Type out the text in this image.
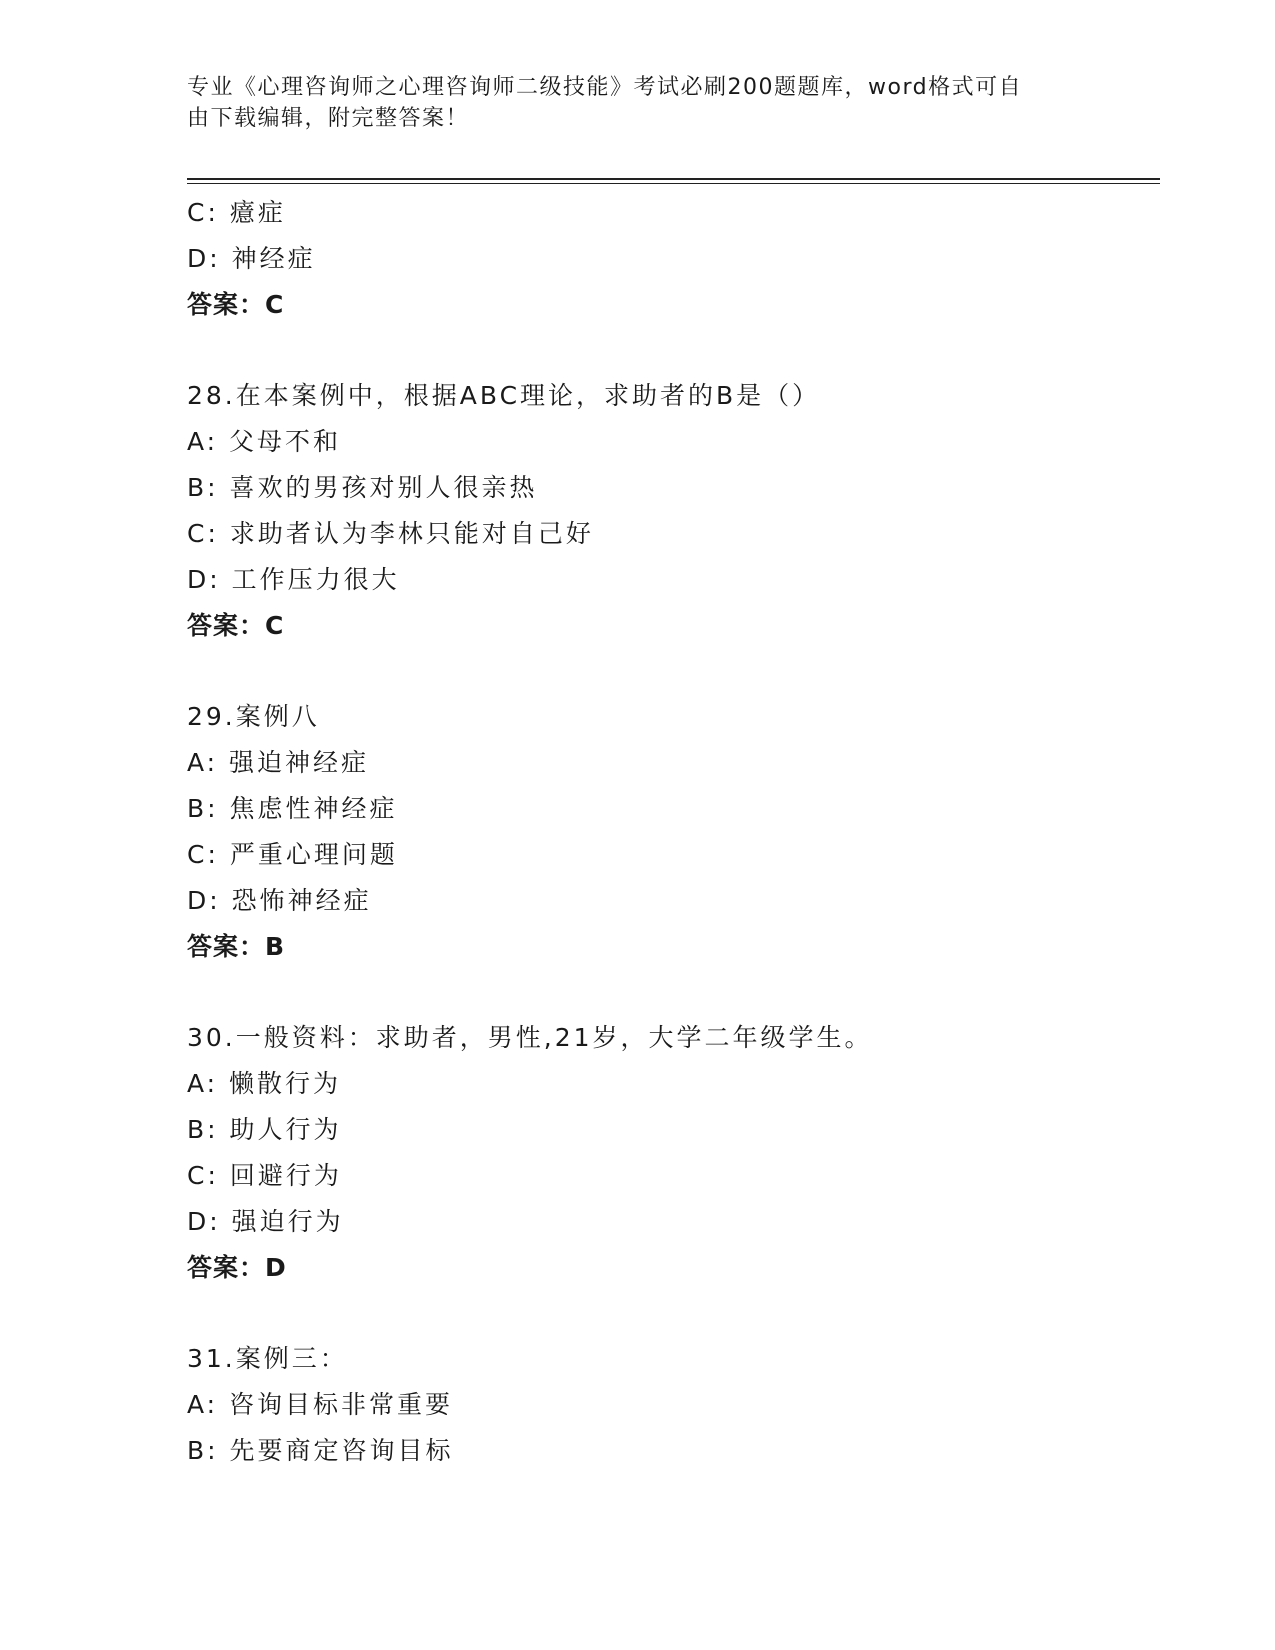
专业《心理咨询师之心理咨询师二级技能》考试必刷200题题库，word格式可自
由下载编辑，附完整答案！
C: 癔症
D: 神经症
答案：C
28.在本案例中，根据ABC理论，求助者的B是（）
A: 父母不和
B: 喜欢的男孩对别人很亲热
C: 求助者认为李林只能对自己好
D: 工作压力很大
答案：C
29.案例八
A: 强迫神经症
B: 焦虑性神经症
C: 严重心理问题
D: 恐怖神经症
答案：B
30.一般资料：求助者，男性,21岁，大学二年级学生。
A: 懒散行为
B: 助人行为
C: 回避行为
D: 强迫行为
答案：D
31.案例三：
A: 咨询目标非常重要
B: 先要商定咨询目标
